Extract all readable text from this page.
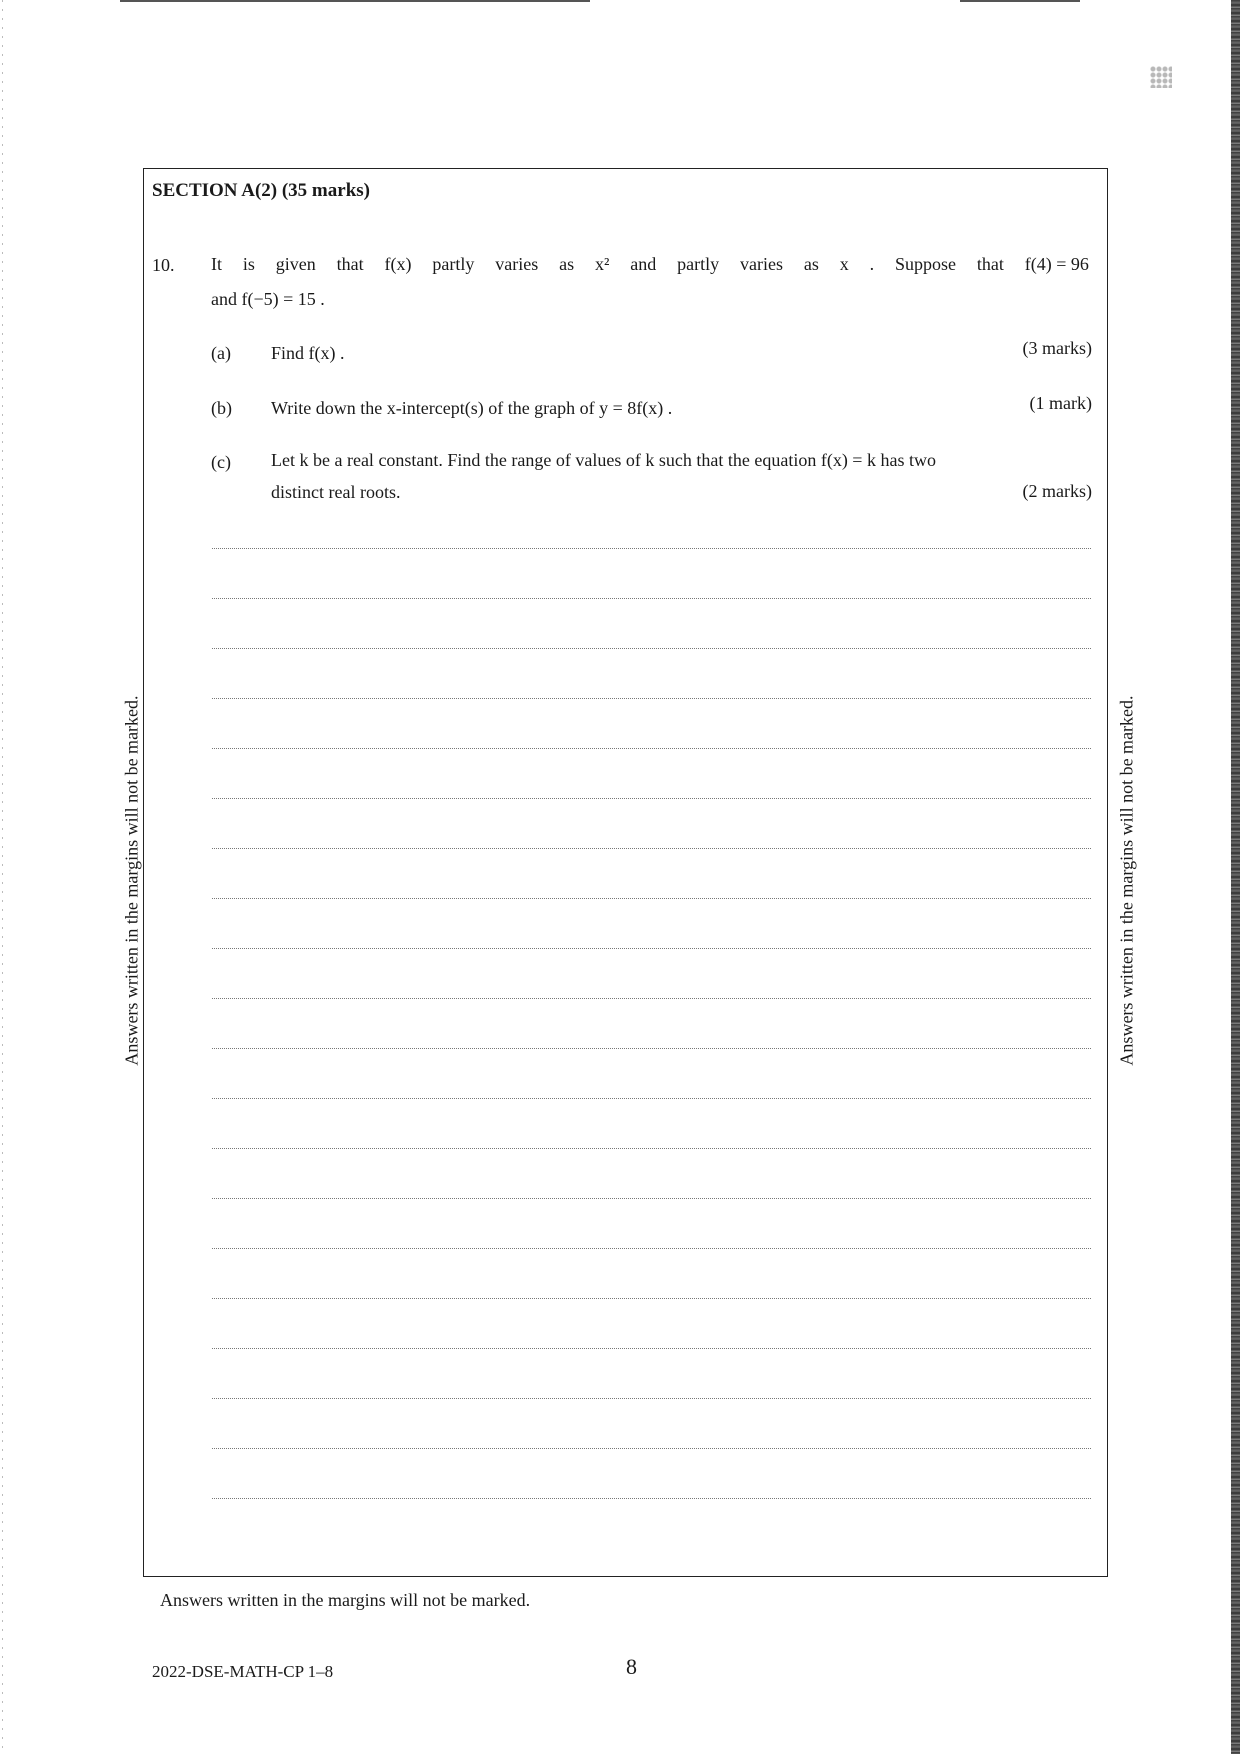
SECTION A(2) (35 marks)
10. It is given that f(x) partly varies as x² and partly varies as x . Suppose that f(4) = 96
and f(−5) = 15 .
(a) Find f(x) .	(3 marks)
(b) Write down the x-intercept(s) of the graph of y = 8f(x) .	(1 mark)
(c) Let k be a real constant. Find the range of values of k such that the equation f(x) = k has two
distinct real roots.	(2 marks)
Answers written in the margins will not be marked.	Answers written in the margins will not be marked.
Answers written in the margins will not be marked.
2022-DSE-MATH-CP 1–8	8
